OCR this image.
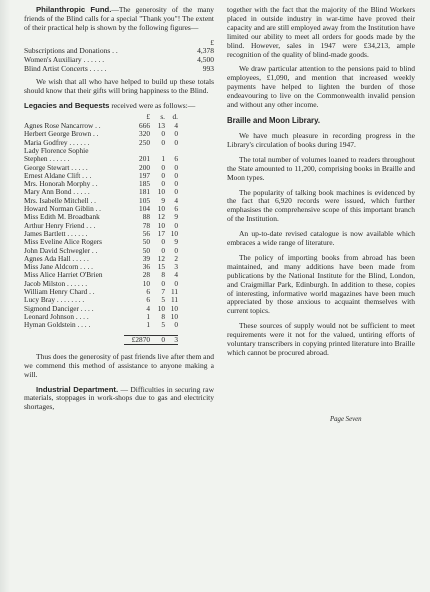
Philanthropic Fund.—The generosity of the many friends of the Blind calls for a special "Thank you"! The extent of their practical help is shown by the following figures—

£
Subscriptions and Donations . .	4,378
Women's Auxiliary . . . . . .	4,500
Blind Artist Concerts . . . . .	993

We wish that all who have helped to build up these totals should know that their gifts will bring happiness to the Blind.

Legacies and Bequests received were as follows:—

£	s.	d.
Agnes Rose Nancarrow . .	666	13	4
Herbert George Brown . .	320	0	0
Maria Godfrey . . . . . .	250	0	0
Lady Florence Sophie
Stephen . . . . . .	201	1	6
George Stewart . . . . .	200	0	0
Ernest Aldane Clift . . .	197	0	0
Mrs. Honorah Morphy . .	185	0	0
Mary Ann Bond . . . . .	181	10	0
Mrs. Isabelle Mitchell . .	105	9	4
Howard Norman Giblin . .	104	10	6
Miss Edith M. Broadbank	88	12	9
Arthur Henry Friend . . .	78	10	0
James Bartlett . . . . . .	56	17 10
Miss Eveline Alice Rogers	50	0	9
John David Schwegler . .	50	0	0
Agnes Ada Hall . . . . .	39	12	2
Miss Jane Aldcorn . . . .	36	15	3
Miss Alice Harriet O'Brien	28	8	4
Jacob Milston . . . . . .	10	0	0
William Henry Chard . .	6	7 11
Lucy Bray . . . . . . . .	6	5 11
Sigmond Danciger . . . .	4	10 10
Leonard Johnson . . . .	1	8 10
Hyman Goldstein . . . .	1	5	0
£2870	0	3

Thus does the generosity of past friends live after them and we commend this method of assistance to anyone making a will.

Industrial Department. — Difficulties in securing raw materials, stoppages in work-shops due to gas and electricity shortages,

together with the fact that the majority of the Blind Workers placed in outside industry in war-time have proved their capacity and are still employed away from the Institution have limited our ability to meet all orders for goods made by the blind. However, sales in 1947 were £34,213, ample recognition of the quality of blind-made goods.

We draw particular attention to the pensions paid to blind employees, £1,090, and mention that increased weekly payments have helped to lighten the burden of those endeavouring to live on the Commonwealth invalid pension and without any other income.

Braille and Moon Library.

We have much pleasure in recording progress in the Library's circulation of books during 1947.

The total number of volumes loaned to readers throughout the State amounted to 11,200, comprising books in Braille and Moon types.

The popularity of talking book machines is evidenced by the fact that 6,920 records were issued, which further emphasises the comprehensive scope of this important branch of the Institution.

An up-to-date revised catalogue is now available which embraces a wide range of literature.

The policy of importing books from abroad has been maintained, and many additions have been made from publications by the National Institute for the Blind, London, and Craigmillar Park, Edinburgh. In addition to these, copies of interesting, informative world magazines have been much appreciated by those anxious to acquaint themselves with current topics.

These sources of supply would not be sufficient to meet requirements were it not for the valued, untiring efforts of voluntary transcribers in copying printed literature into Braille which cannot be procured abroad.

Page Seven
